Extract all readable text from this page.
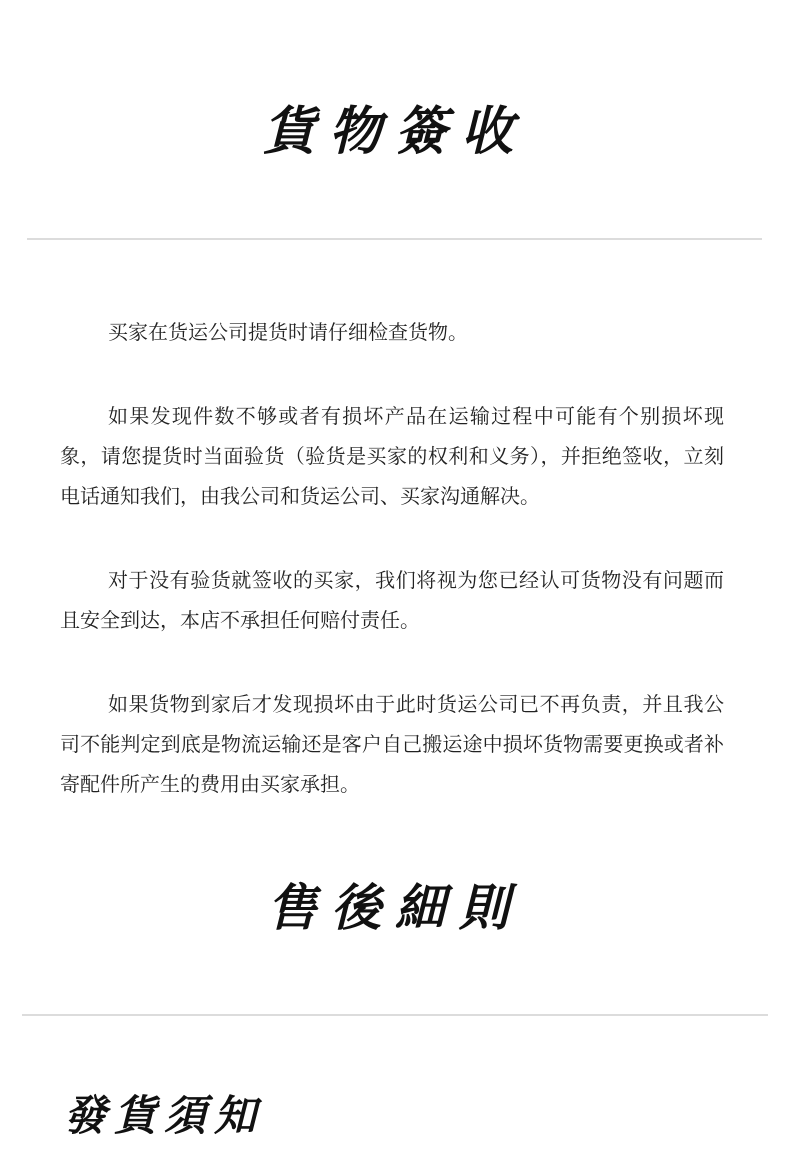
貨物簽收

买家在货运公司提货时请仔细检查货物。

如果发现件数不够或者有损坏产品在运输过程中可能有个别损坏现象，请您提货时当面验货（验货是买家的权利和义务），并拒绝签收，立刻电话通知我们，由我公司和货运公司、买家沟通解决。

对于没有验货就签收的买家，我们将视为您已经认可货物没有问题而且安全到达，本店不承担任何赔付责任。

如果货物到家后才发现损坏由于此时货运公司已不再负责，并且我公司不能判定到底是物流运输还是客户自己搬运途中损坏货物需要更换或者补寄配件所产生的费用由买家承担。

售後細則
發貨須知
